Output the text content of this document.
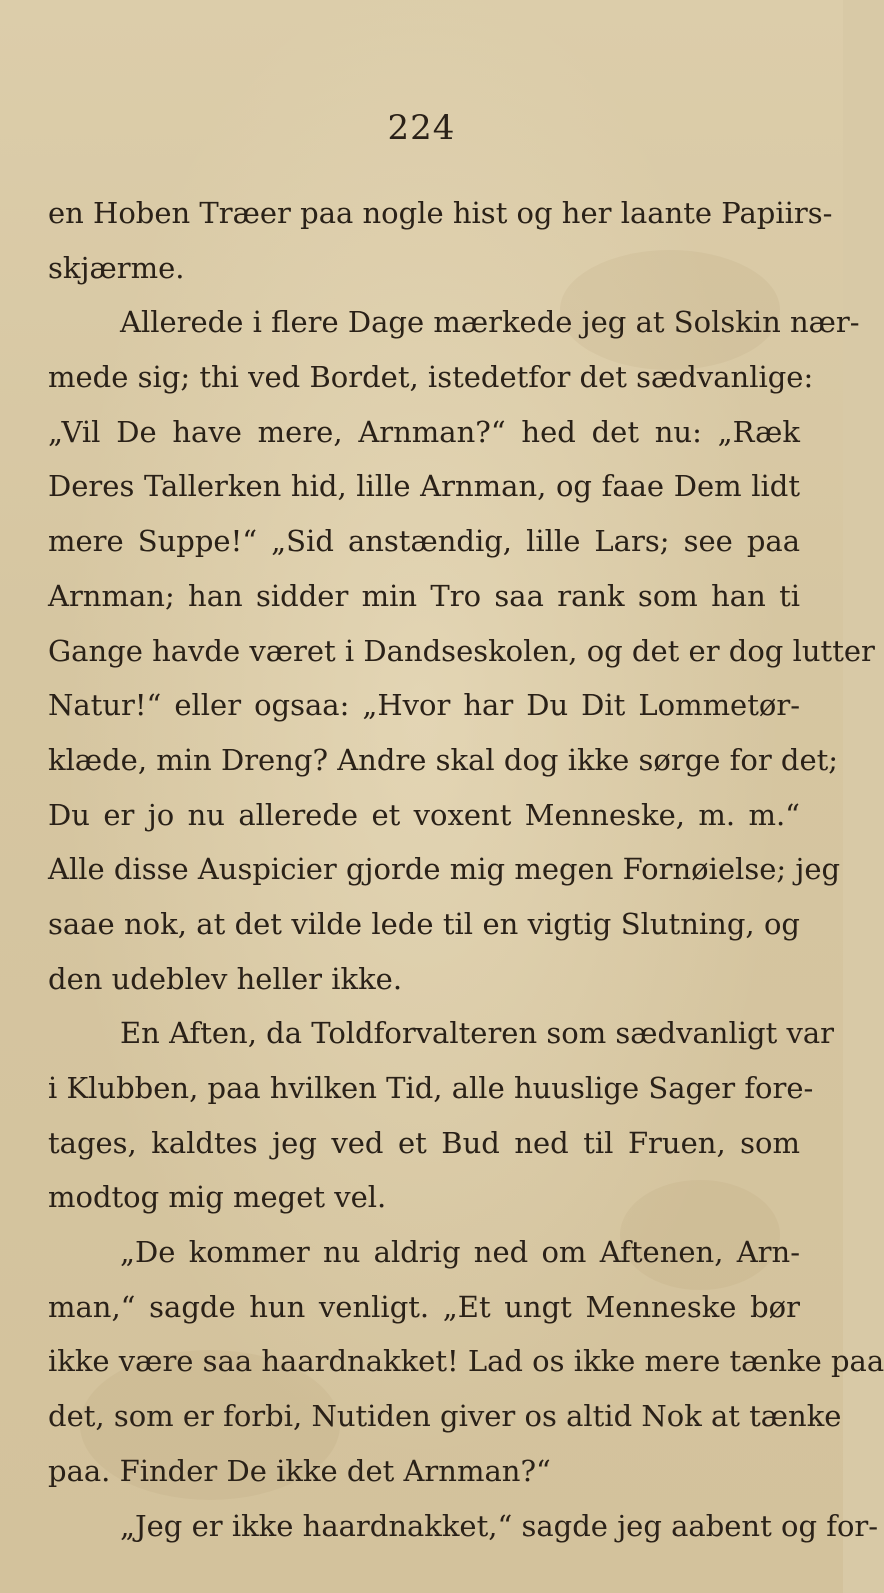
224
en Hoben Træer paa nogle hist og her laante Papiirs-
skjærme.
Allerede i flere Dage mærkede jeg at Solskin nær-
mede sig; thi ved Bordet, istedetfor det sædvanlige:
„Vil De have mere, Arnman?“ hed det nu: „Ræk
Deres Tallerken hid, lille Arnman, og faae Dem lidt
mere Suppe!“ „Sid anstændig, lille Lars; see paa
Arnman; han sidder min Tro saa rank som han ti
Gange havde været i Dandseskolen, og det er dog lutter
Natur!“ eller ogsaa: „Hvor har Du Dit Lommetør-
klæde, min Dreng? Andre skal dog ikke sørge for det;
Du er jo nu allerede et voxent Menneske, m. m.“
Alle disse Auspicier gjorde mig megen Fornøielse; jeg
saae nok, at det vilde lede til en vigtig Slutning, og
den udeblev heller ikke.
En Aften, da Toldforvalteren som sædvanligt var
i Klubben, paa hvilken Tid, alle huuslige Sager fore-
tages, kaldtes jeg ved et Bud ned til Fruen, som
modtog mig meget vel.
„De kommer nu aldrig ned om Aftenen, Arn-
man,“ sagde hun venligt. „Et ungt Menneske bør
ikke være saa haardnakket! Lad os ikke mere tænke paa
det, som er forbi, Nutiden giver os altid Nok at tænke
paa. Finder De ikke det Arnman?“
„Jeg er ikke haardnakket,“ sagde jeg aabent og for-
